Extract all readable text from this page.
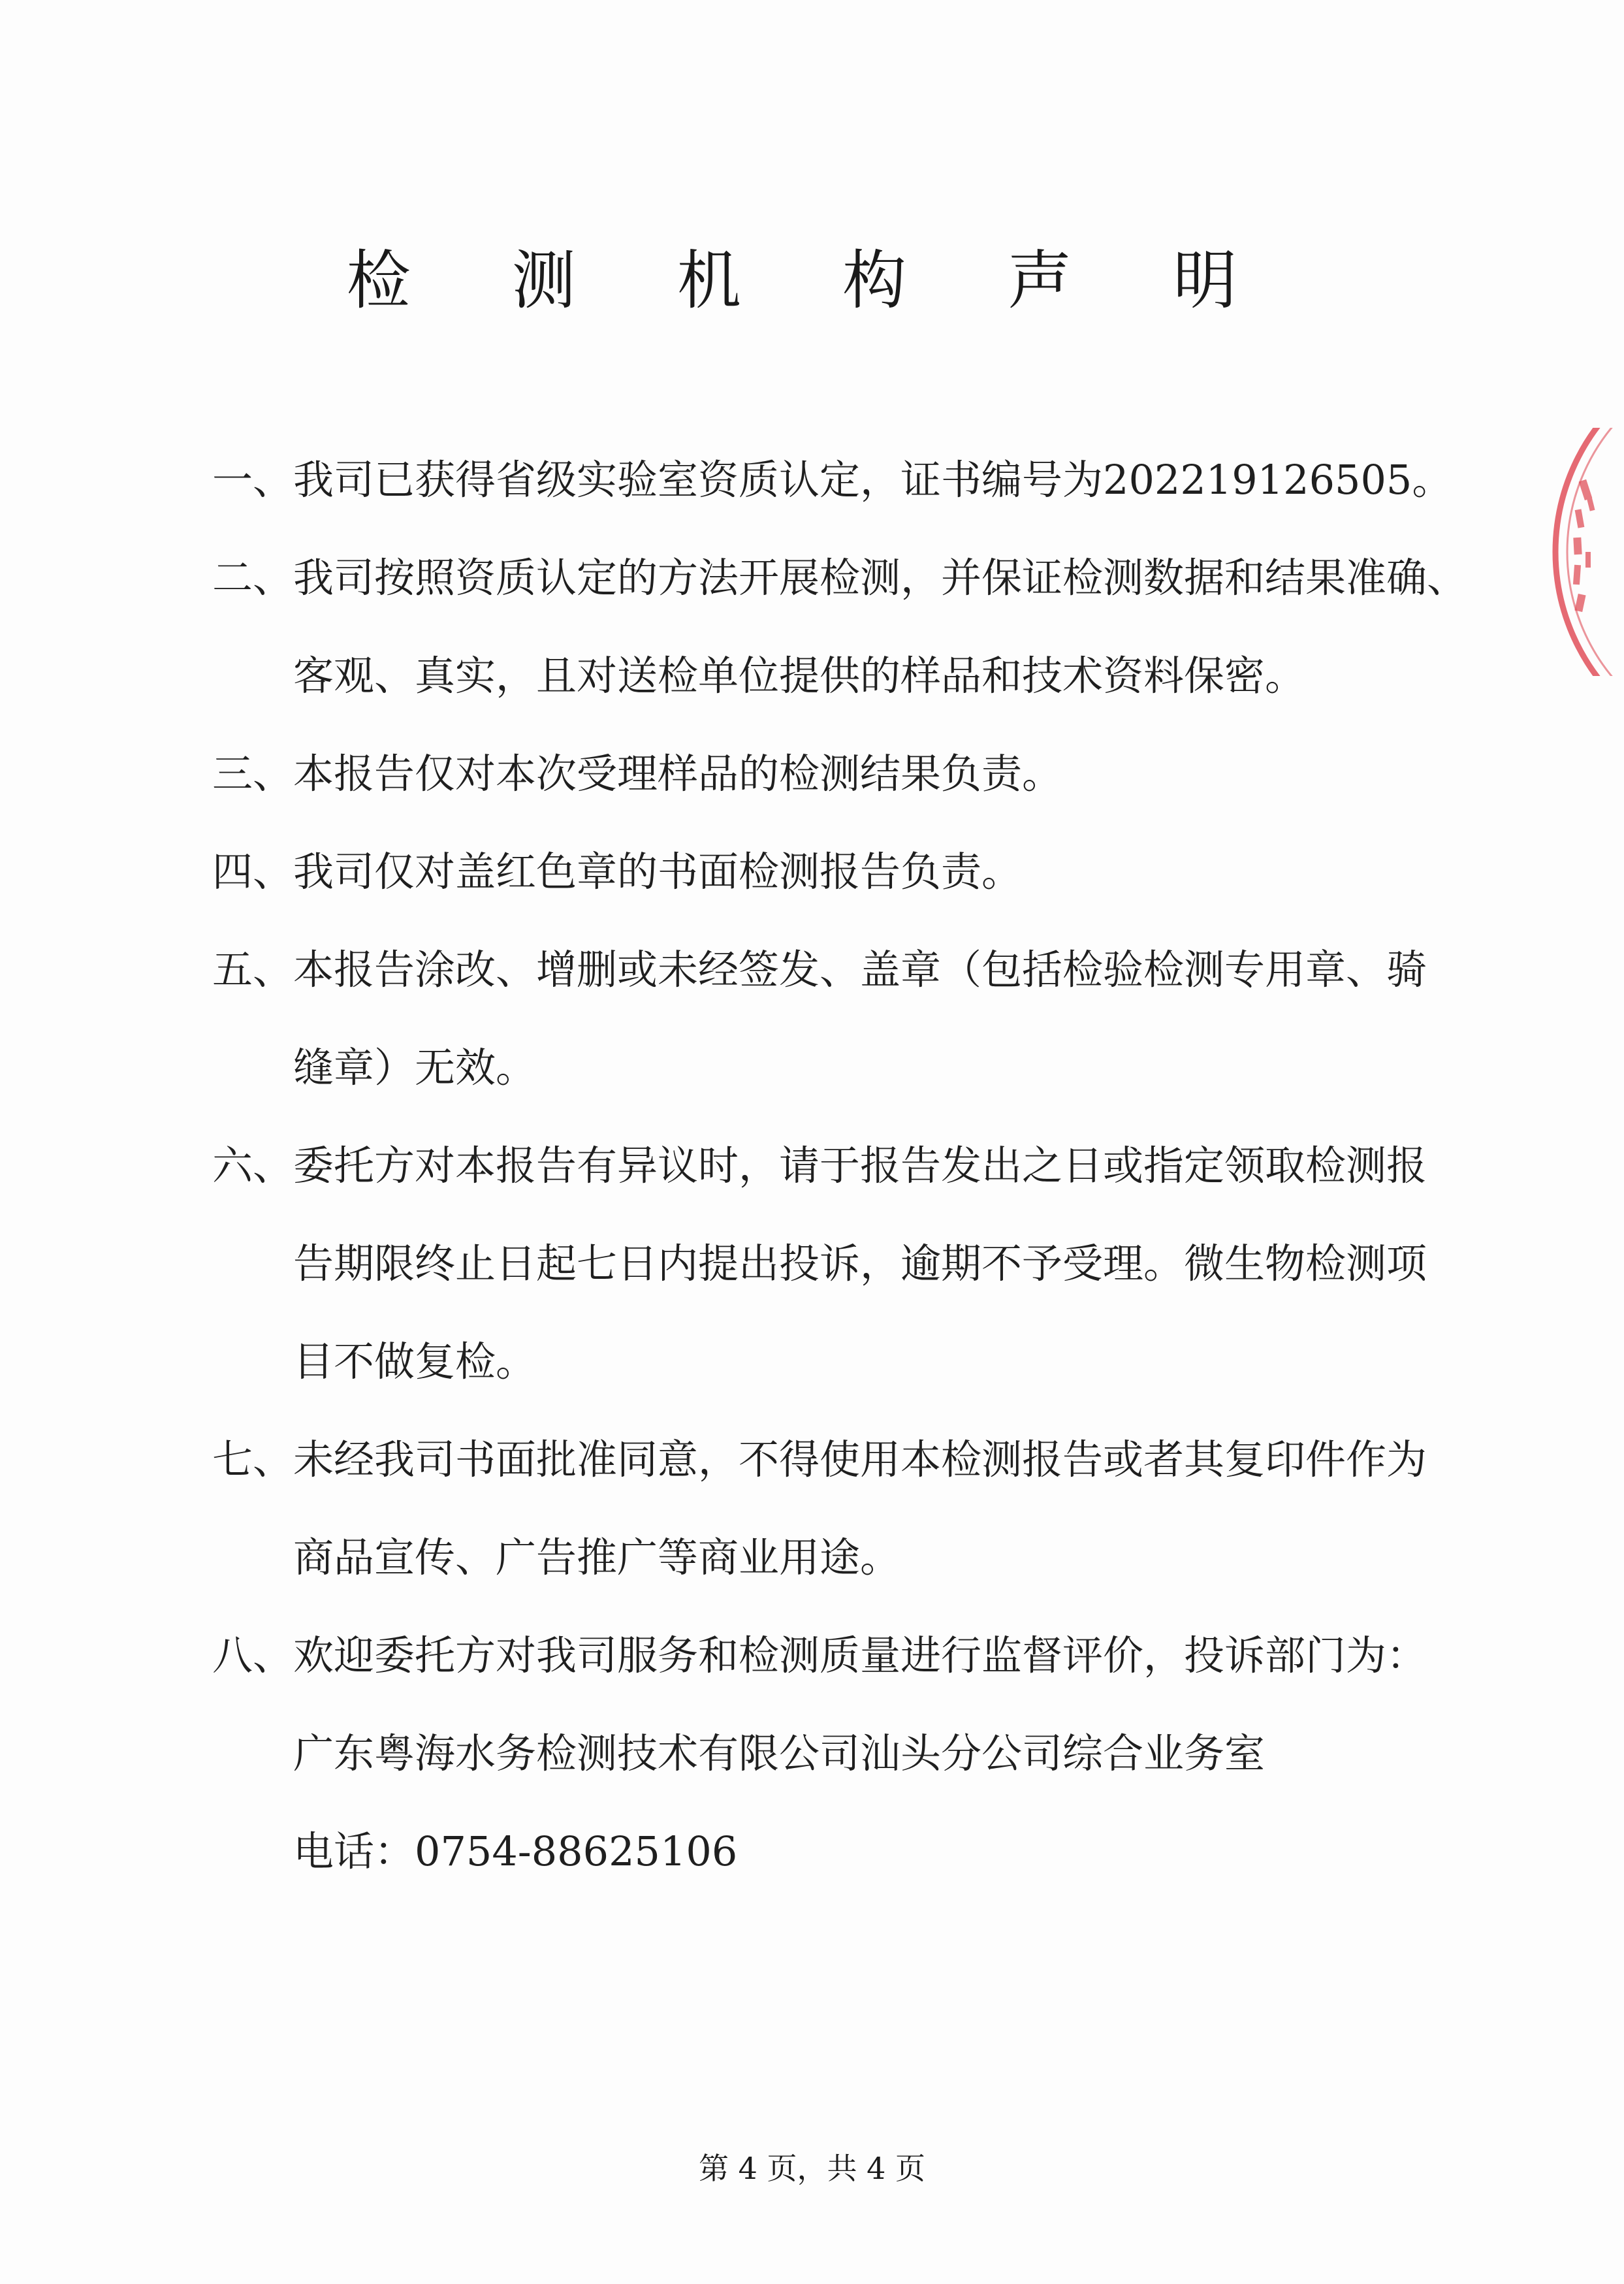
检 测 机 构 声 明
一、我司已获得省级实验室资质认定，证书编号为202219126505。
二、我司按照资质认定的方法开展检测，并保证检测数据和结果准确、
客观、真实，且对送检单位提供的样品和技术资料保密。
三、本报告仅对本次受理样品的检测结果负责。
四、我司仅对盖红色章的书面检测报告负责。
五、本报告涂改、增删或未经签发、盖章（包括检验检测专用章、骑
缝章）无效。
六、委托方对本报告有异议时，请于报告发出之日或指定领取检测报
告期限终止日起七日内提出投诉，逾期不予受理。微生物检测项
目不做复检。
七、未经我司书面批准同意，不得使用本检测报告或者其复印件作为
商品宣传、广告推广等商业用途。
八、欢迎委托方对我司服务和检测质量进行监督评价，投诉部门为：
广东粤海水务检测技术有限公司汕头分公司综合业务室
电话：0754-88625106
第 4 页，共 4 页
